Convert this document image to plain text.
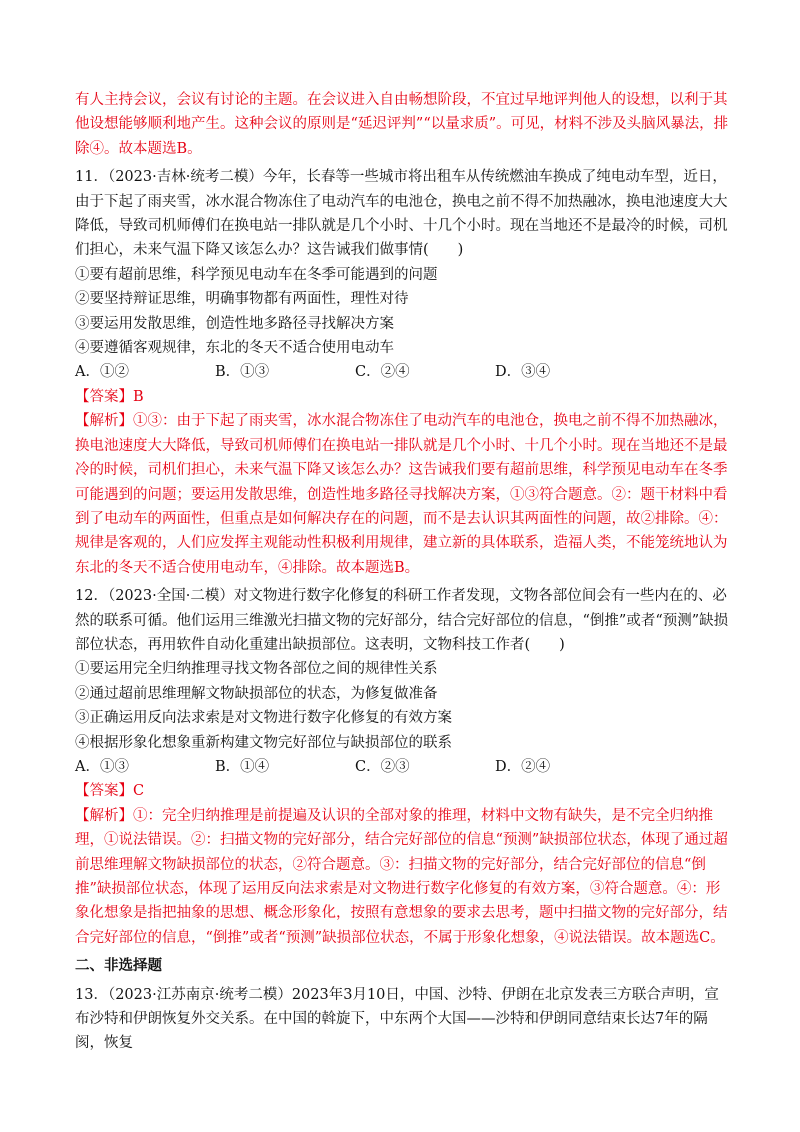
有人主持会议，会议有讨论的主题。在会议进入自由畅想阶段，不宜过早地评判他人的设想，以利于其他设想能够顺利地产生。这种会议的原则是“延迟评判”“以量求质”。可见，材料不涉及头脑风暴法，排除④。故本题选B。

11．（2023·吉林·统考二模）今年，长春等一些城市将出租车从传统燃油车换成了纯电动车型，近日，由于下起了雨夹雪，冰水混合物冻住了电动汽车的电池仓，换电之前不得不加热融冰，换电池速度大大降低，导致司机师傅们在换电站一排队就是几个小时、十几个小时。现在当地还不是最冷的时候，司机们担心，未来气温下降又该怎么办？这告诫我们做事情(　　)

①要有超前思维，科学预见电动车在冬季可能遇到的问题

②要坚持辩证思维，明确事物都有两面性，理性对待

③要运用发散思维，创造性地多路径寻找解决方案

④要遵循客观规律，东北的冬天不适合使用电动车

A．①②	B．①③	C．②④	D．③④

【答案】B

【解析】①③：由于下起了雨夹雪，冰水混合物冻住了电动汽车的电池仓，换电之前不得不加热融冰，换电池速度大大降低，导致司机师傅们在换电站一排队就是几个小时、十几个小时。现在当地还不是最冷的时候，司机们担心，未来气温下降又该怎么办？这告诫我们要有超前思维，科学预见电动车在冬季可能遇到的问题；要运用发散思维，创造性地多路径寻找解决方案，①③符合题意。②：题干材料中看到了电动车的两面性，但重点是如何解决存在的问题，而不是去认识其两面性的问题，故②排除。④：规律是客观的，人们应发挥主观能动性积极利用规律，建立新的具体联系，造福人类，不能笼统地认为东北的冬天不适合使用电动车，④排除。故本题选B。

12．（2023·全国·二模）对文物进行数字化修复的科研工作者发现，文物各部位间会有一些内在的、必然的联系可循。他们运用三维激光扫描文物的完好部分，结合完好部位的信息，“倒推”或者“预测”缺损部位状态，再用软件自动化重建出缺损部位。这表明，文物科技工作者(　　)

①要运用完全归纳推理寻找文物各部位之间的规律性关系

②通过超前思维理解文物缺损部位的状态，为修复做准备

③正确运用反向法求索是对文物进行数字化修复的有效方案

④根据形象化想象重新构建文物完好部位与缺损部位的联系

A．①③	B．①④	C．②③	D．②④

【答案】C

【解析】①：完全归纳推理是前提遍及认识的全部对象的推理，材料中文物有缺失，是不完全归纳推理，①说法错误。②：扫描文物的完好部分，结合完好部位的信息“预测”缺损部位状态，体现了通过超前思维理解文物缺损部位的状态，②符合题意。③：扫描文物的完好部分，结合完好部位的信息“倒推”缺损部位状态，体现了运用反向法求索是对文物进行数字化修复的有效方案，③符合题意。④：形象化想象是指把抽象的思想、概念形象化，按照有意想象的要求去思考，题中扫描文物的完好部分，结合完好部位的信息，“倒推”或者“预测”缺损部位状态，不属于形象化想象，④说法错误。故本题选C。

二、非选择题

13．（2023·江苏南京·统考二模）2023年3月10日，中国、沙特、伊朗在北京发表三方联合声明，宣布沙特和伊朗恢复外交关系。在中国的斡旋下，中东两个大国——沙特和伊朗同意结束长达7年的隔阂，恢复
